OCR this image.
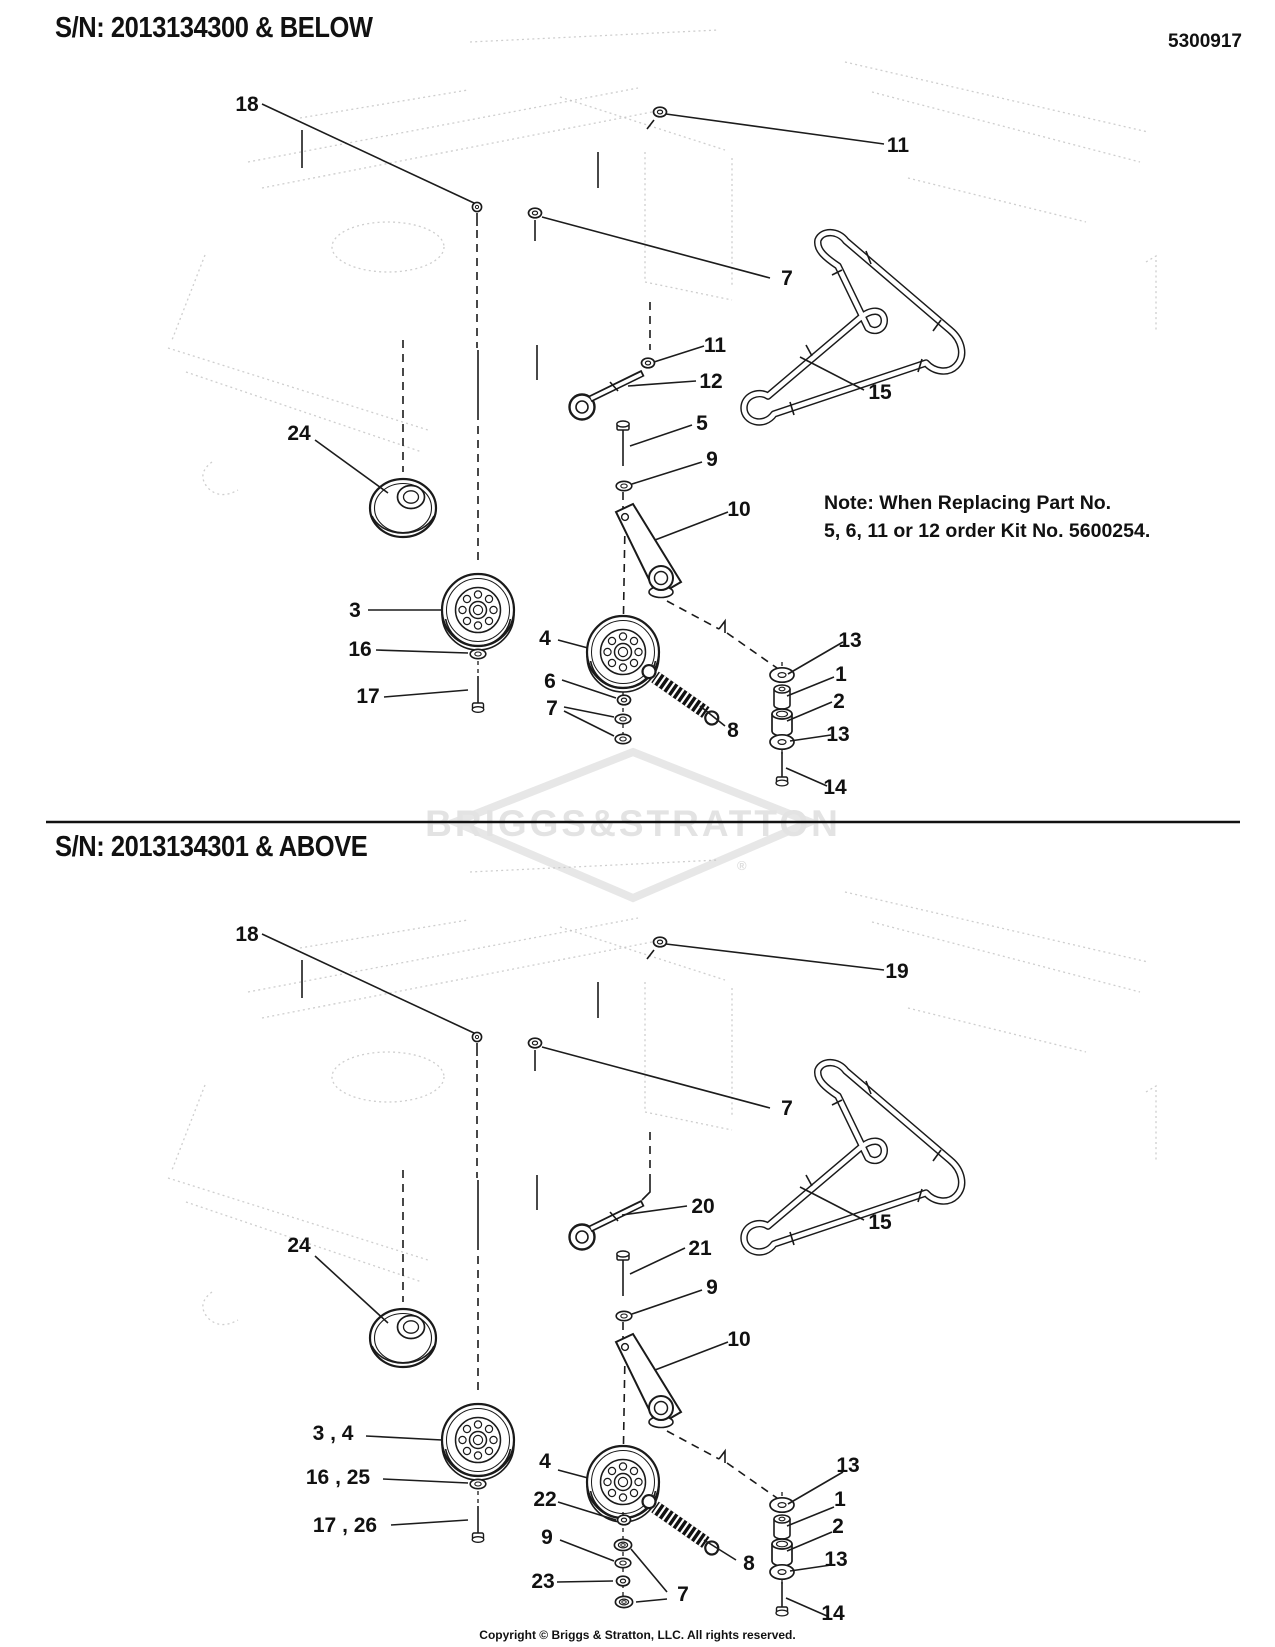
BRIGGS&STRATTON
®
18
11
7
11
12
5
9
10
15
24
3
16
17
4
6
7
8
13
1
2
13
14
18
19
7
20
21
9
10
15
24
3 , 4
16 , 25
17 , 26
4
22
9
23
7
8
13
1
2
13
14
S/N: 2013134300 & BELOW	5300917
Note: When Replacing Part No.
5, 6, 11 or 12 order Kit No. 5600254.
S/N: 2013134301 & ABOVE
Copyright © Briggs & Stratton, LLC. All rights reserved.
